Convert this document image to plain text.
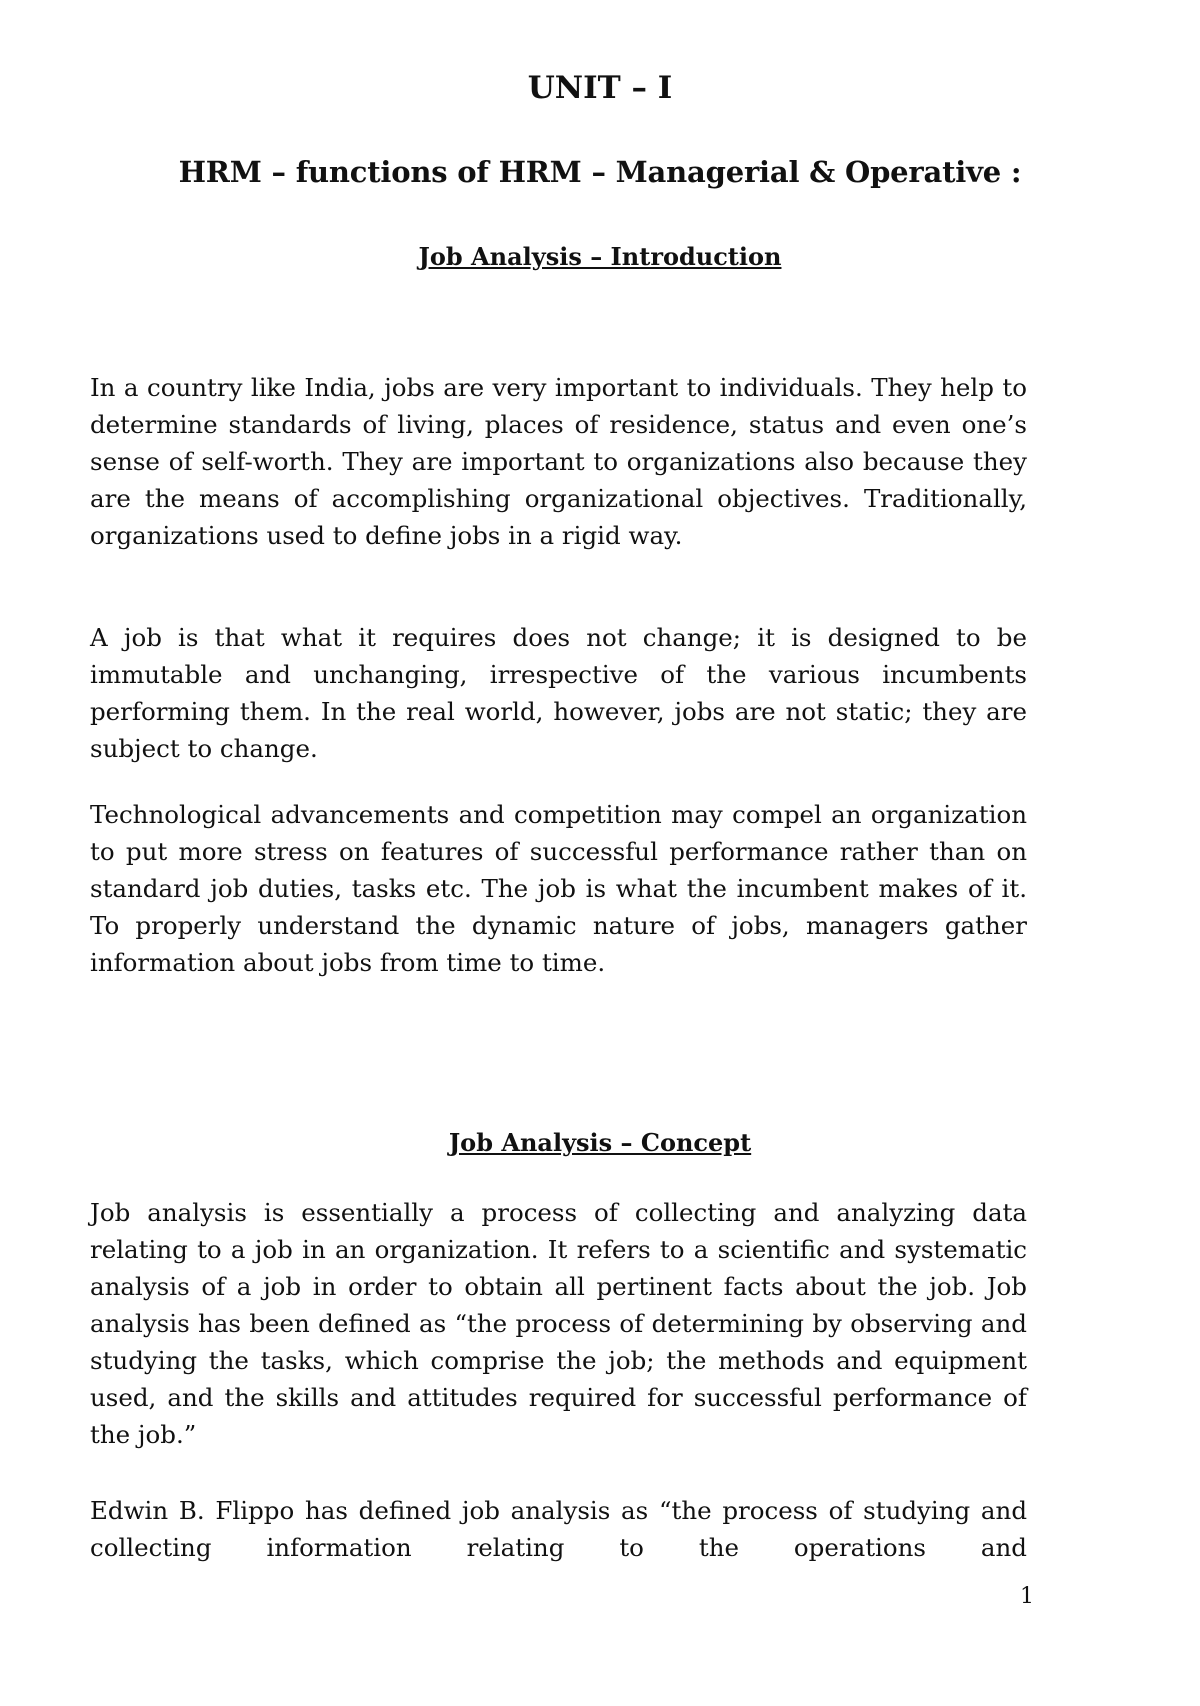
UNIT – I
HRM – functions of HRM – Managerial & Operative :
Job Analysis – Introduction

In a country like India, jobs are very important to individuals. They help to determine standards of living, places of residence, status and even one’s sense of self-worth. They are important to organizations also because they are the means of accomplishing organizational objectives. Traditionally, organizations used to define jobs in a rigid way.

A job is that what it requires does not change; it is designed to be immutable and unchanging, irrespective of the various incumbents performing them. In the real world, however, jobs are not static; they are subject to change.

Technological advancements and competition may compel an organization to put more stress on features of successful performance rather than on standard job duties, tasks etc. The job is what the incumbent makes of it. To properly understand the dynamic nature of jobs, managers gather information about jobs from time to time.

Job Analysis – Concept

Job analysis is essentially a process of collecting and analyzing data relating to a job in an organization. It refers to a scientific and systematic analysis of a job in order to obtain all pertinent facts about the job. Job analysis has been defined as “the process of determining by observing and studying the tasks, which comprise the job; the methods and equipment used, and the skills and attitudes required for successful performance of the job.”

Edwin B. Flippo has defined job analysis as “the process of studying and collecting information relating to the operations and

1
